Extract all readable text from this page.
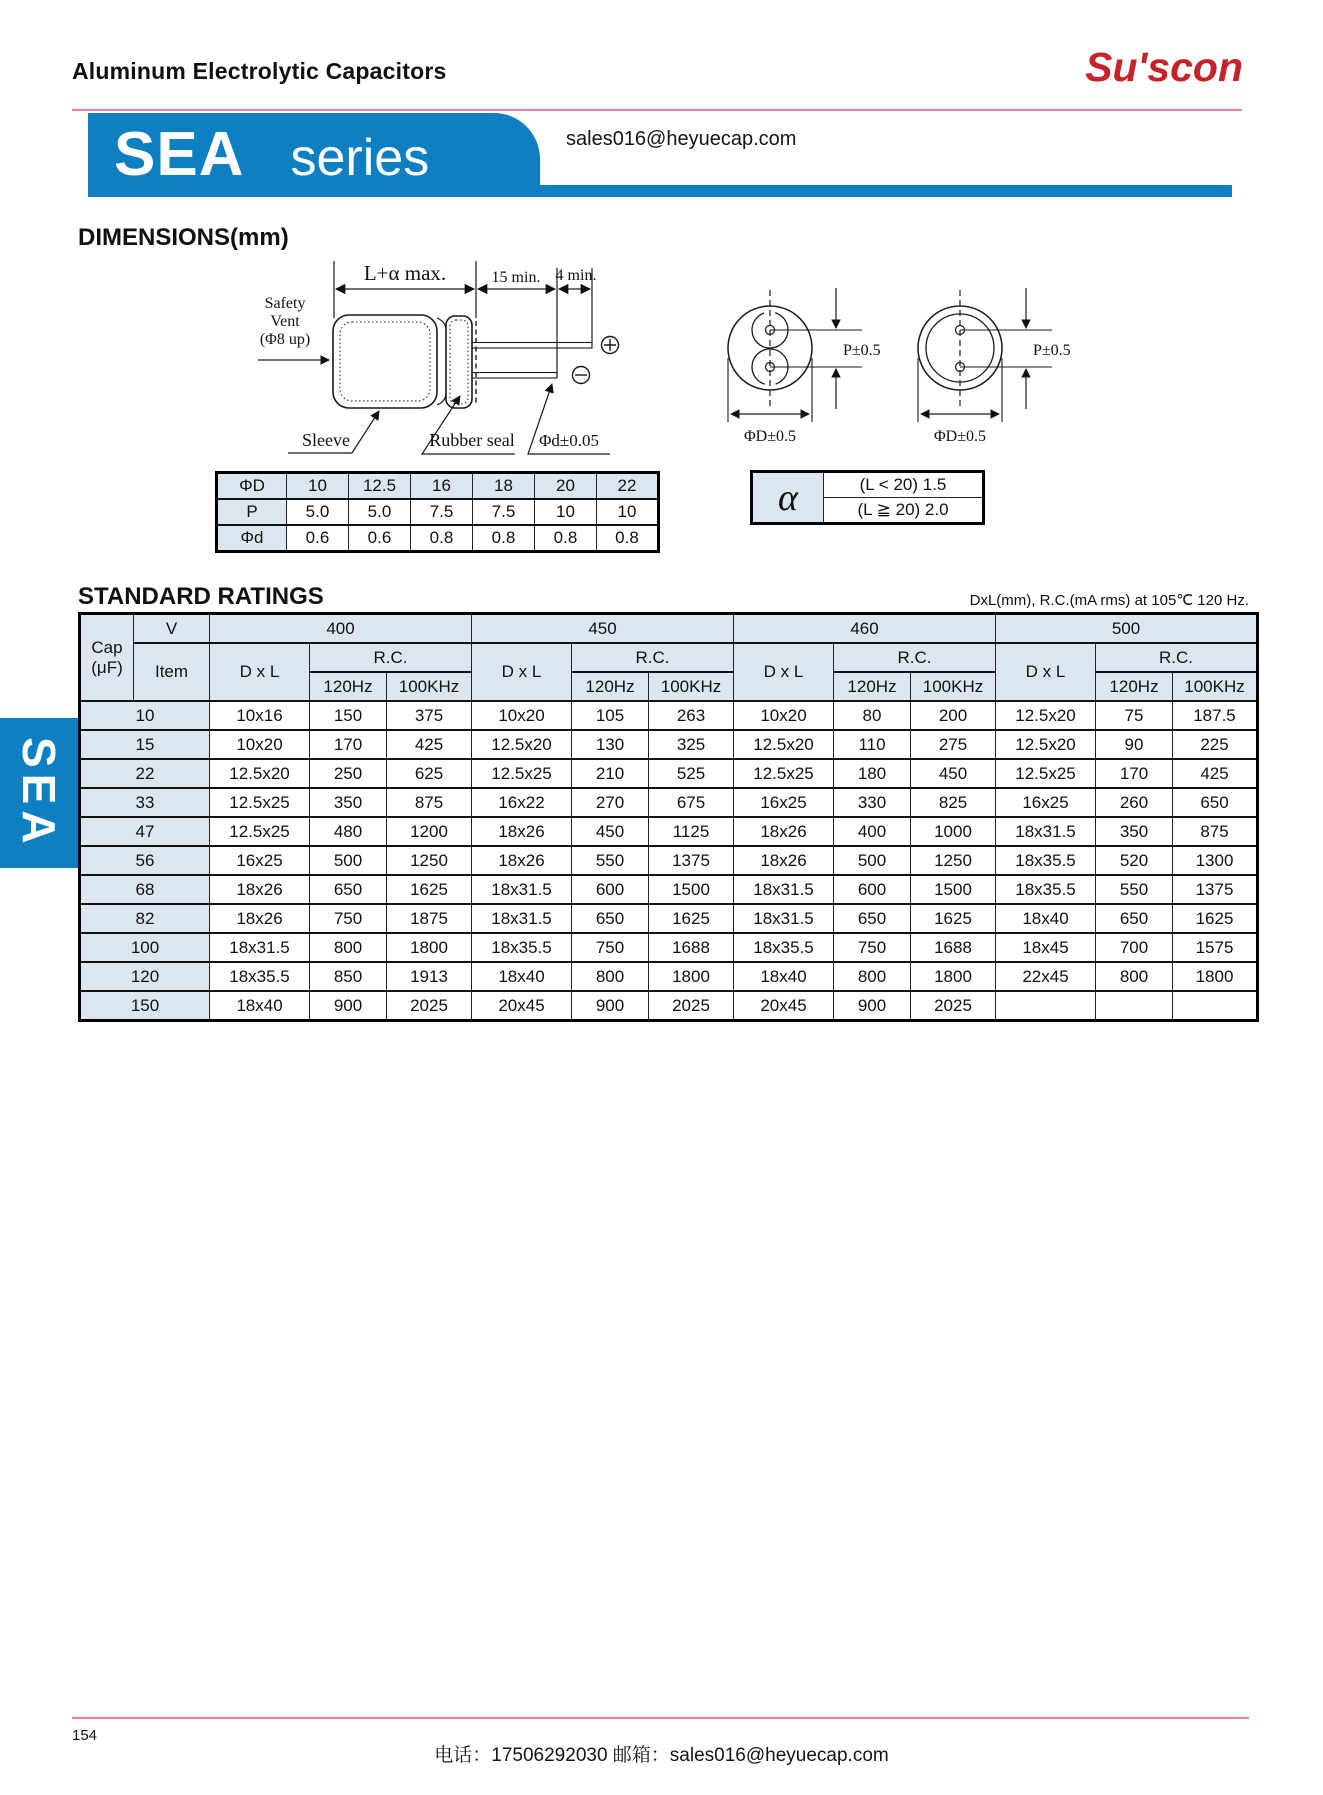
Aluminum Electrolytic Capacitors	Su'scon
SEA series	sales016@heyuecap.com
DIMENSIONS(mm)
L+α max.	15 min. 4 min.
Safety
Vent
(Φ8 up)
Sleeve	Rubber seal Φd±0.05
P±0.5
ΦD±0.5
P±0.5
ΦD±0.5
ΦD	10	12.5	16	18	20	22
P	5.0	5.0	7.5	7.5	10	10
Φd	0.6	0.6	0.8	0.8	0.8	0.8
α	(L < 20) 1.5
(L ≧ 20) 2.0
STANDARD RATINGS	DxL(mm), R.C.(mA rms) at 105℃ 120 Hz.
Cap
(μF)	V	400			450			460			500		
	Item	D x L	R.C.		D x L	R.C.		D x L	R.C.		D x L	R.C.	
			120Hz	100KHz		120Hz	100KHz		120Hz	100KHz		120Hz	100KHz
10		10x16	150	375	10x20	105	263	10x20	80	200	12.5x20	75	187.5
15		10x20	170	425	12.5x20	130	325	12.5x20	110	275	12.5x20	90	225
22		12.5x20	250	625	12.5x25	210	525	12.5x25	180	450	12.5x25	170	425
33		12.5x25	350	875	16x22	270	675	16x25	330	825	16x25	260	650
47		12.5x25	480	1200	18x26	450	1125	18x26	400	1000	18x31.5	350	875
56		16x25	500	1250	18x26	550	1375	18x26	500	1250	18x35.5	520	1300
68		18x26	650	1625	18x31.5	600	1500	18x31.5	600	1500	18x35.5	550	1375
82		18x26	750	1875	18x31.5	650	1625	18x31.5	650	1625	18x40	650	1625
100		18x31.5	800	1800	18x35.5	750	1688	18x35.5	750	1688	18x45	700	1575
120		18x35.5	850	1913	18x40	800	1800	18x40	800	1800	22x45	800	1800
150		18x40	900	2025	20x45	900	2025	20x45	900	2025			
SEA
154
电话：17506292030 邮箱：sales016@heyuecap.com
